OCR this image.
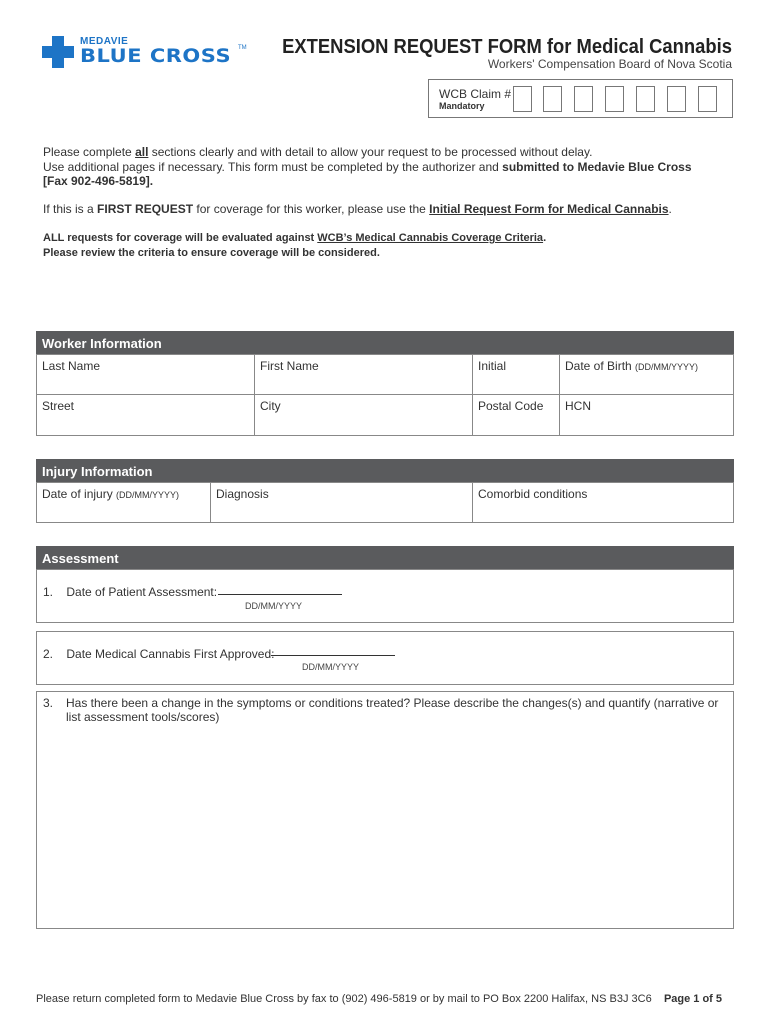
MEDAVIE
BLUE CROSS TM EXTENSION REQUEST FORM for Medical Cannabis
Workers' Compensation Board of Nova Scotia
WCB Claim #
Mandatory
Please complete all sections clearly and with detail to allow your request to be processed without delay.
Use additional pages if necessary. This form must be completed by the authorizer and submitted to Medavie Blue Cross
[Fax 902-496-5819].
If this is a FIRST REQUEST for coverage for this worker, please use the Initial Request Form for Medical Cannabis.
ALL requests for coverage will be evaluated against WCB’s Medical Cannabis Coverage Criteria.
Please review the criteria to ensure coverage will be considered.
Worker Information
Last Name	First Name	Initial	Date of Birth (DD/MM/YYYY)
Street	City	Postal Code	HCN
Injury Information
Date of injury (DD/MM/YYYY)	Diagnosis	Comorbid conditions
Assessment
1. Date of Patient Assessment:
DD/MM/YYYY
2. Date Medical Cannabis First Approved:
DD/MM/YYYY
3. Has there been a change in the symptoms or conditions treated? Please describe the changes(s) and quantify (narrative or
list assessment tools/scores)
Please return completed form to Medavie Blue Cross by fax to (902) 496-5819 or by mail to PO Box 2200 Halifax, NS B3J 3C6 Page 1 of 5
